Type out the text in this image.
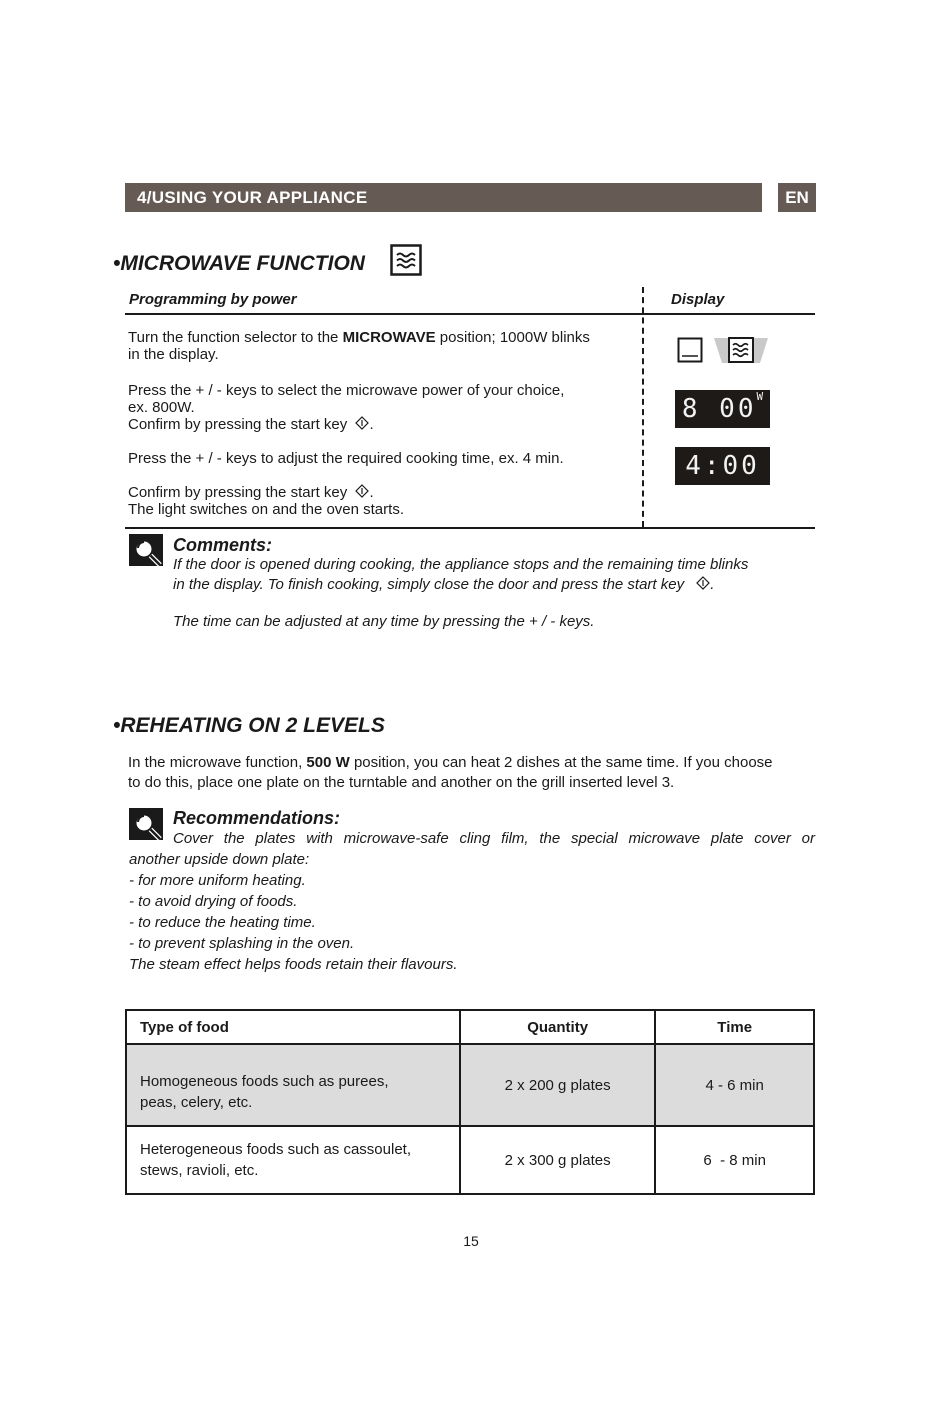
4/USING YOUR APPLIANCE	EN
•MICROWAVE FUNCTION
Programming by power	Display
Turn the function selector to the MICROWAVE position; 1000W blinks
in the display.
Press the + / - keys to select the microwave power of your choice,
ex. 800W.
Confirm by pressing the start key .
Press the + / - keys to adjust the required cooking time, ex. 4 min.
Confirm by pressing the start key .
The light switches on and the oven starts.
8 $00^W$
4:00
Comments:
If the door is opened during cooking, the appliance stops and the remaining time blinks
in the display. To finish cooking, simply close the door and press the start key .
The time can be adjusted at any time by pressing the + / - keys.
•REHEATING ON 2 LEVELS
In the microwave function, 500 W position, you can heat 2 dishes at the same time. If you choose
to do this, place one plate on the turntable and another on the grill inserted level 3.
Recommendations:
Cover the plates with microwave-safe cling film, the special microwave plate cover or
another upside down plate:
- for more uniform heating.
- to avoid drying of foods.
- to reduce the heating time.
- to prevent splashing in the oven.
The steam effect helps foods retain their flavours.
Type of food	Quantity	Time
Homogeneous foods such as purees,
peas, celery, etc.	2 x 200 g plates	4 - 6 min
Heterogeneous foods such as cassoulet,
stews, ravioli, etc.	2 x 300 g plates	6  - 8 min
15
